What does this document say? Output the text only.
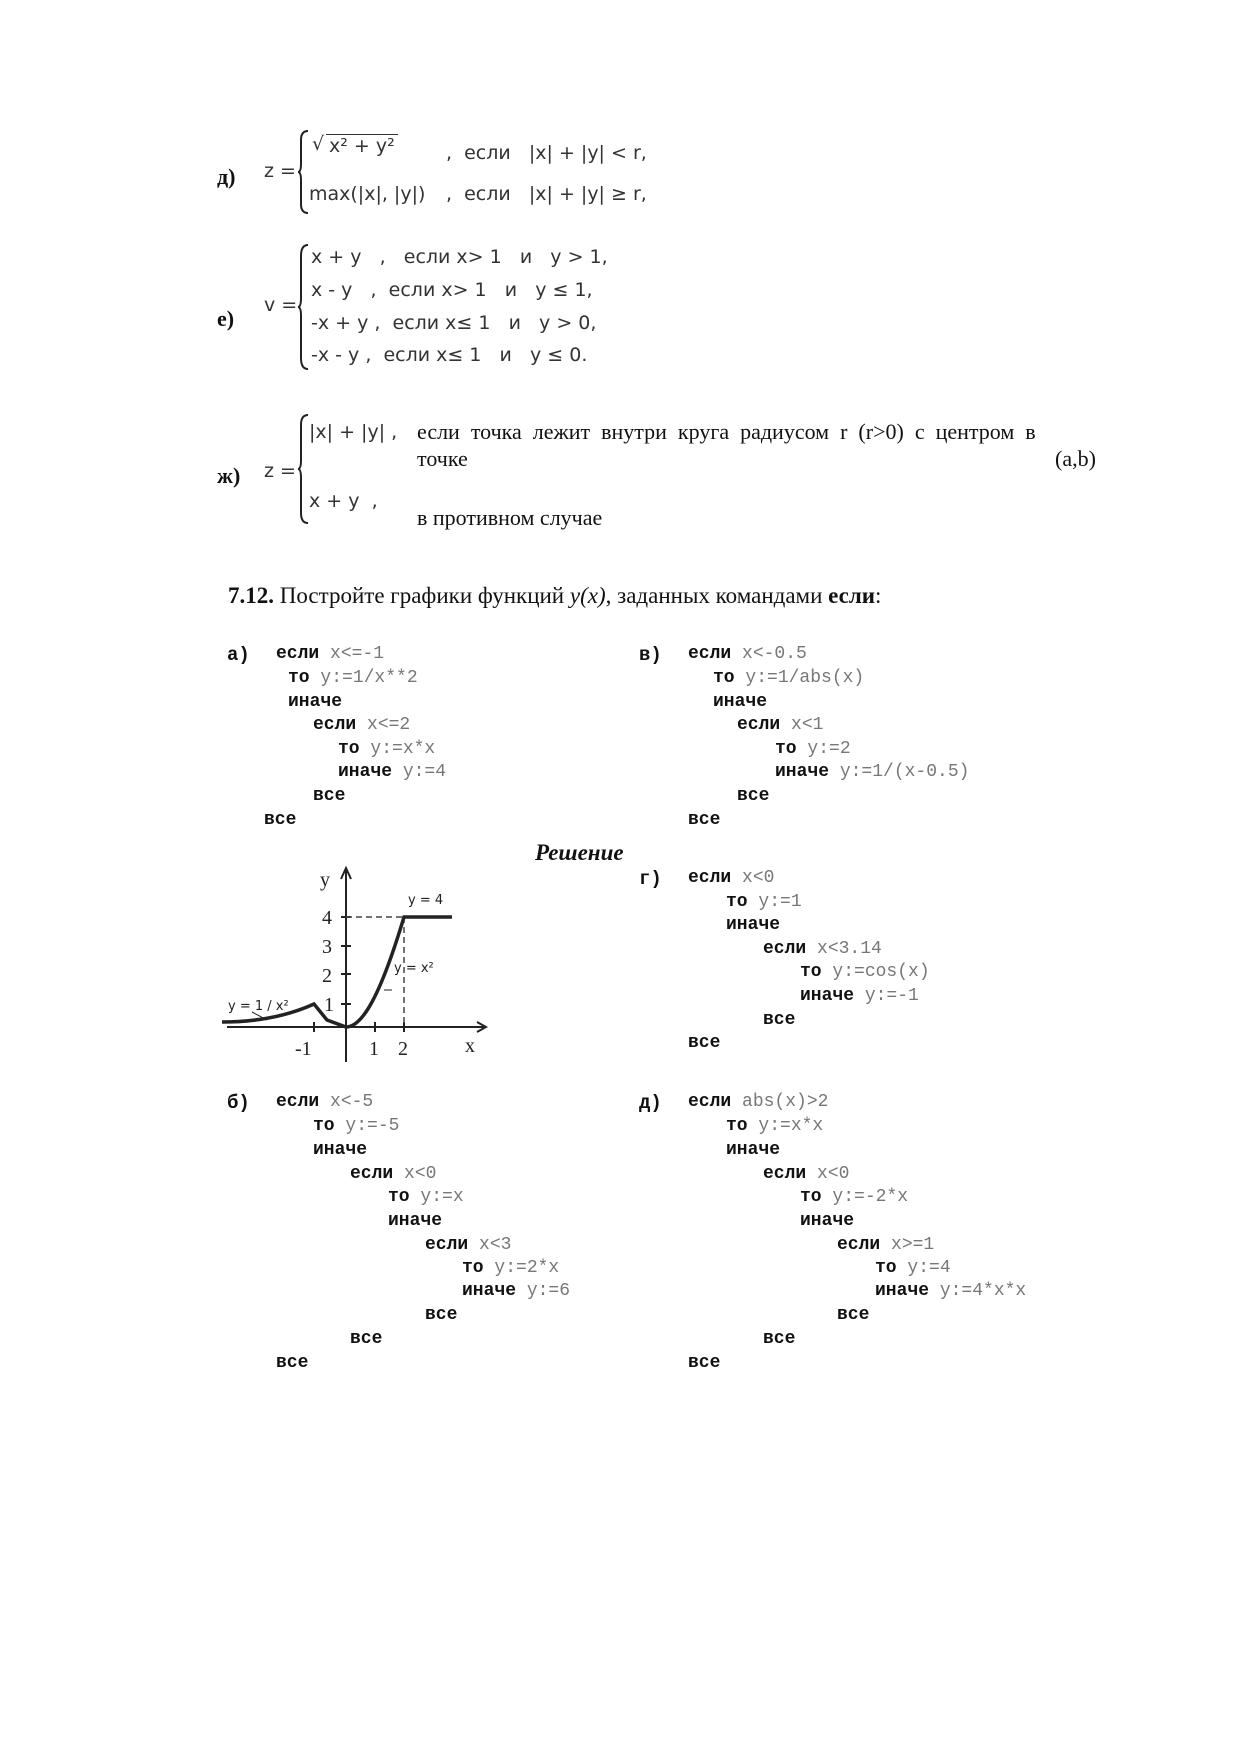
д) z =
√ x² + y²	,  если   |x| + |y| < r,
max(|x|, |y|) ,  если   |x| + |y| ≥ r,
е)
v =
x + y   ,   если x> 1   и   y > 1,
x - y   ,  если x> 1   и   y ≤ 1,
-x + y ,  если x≤ 1   и   y > 0,
-x - y ,  если x≤ 1   и   y ≤ 0.
ж) z =
|x| + |y| , если  точка  лежит  внутри  круга  радиусом  r  (r>0)  с  центром  в
точке	(a,b)
x + y  ,
в противном случае
7.12. Постройте графики функций y(x), заданных командами если:
а) если x<=-1
то y:=1/x**2
иначе
если x<=2
то y:=x*x
иначе y:=4
все
все
в) если x<-0.5
то y:=1/abs(x)
иначе
если x<1
то y:=2
иначе y:=1/(x-0.5)
все
все
Решение
г) если x<0
то y:=1
иначе
если x<3.14
то y:=cos(x)
иначе y:=-1
все
все
y
x
4
3
2
1
-1	1 2
y = 4
y = x²
y = 1 / x²
б) если x<-5
то y:=-5
иначе
если x<0
то y:=x
иначе
если x<3
то y:=2*x
иначе y:=6
все
все
все
д) если abs(x)>2
то y:=x*x
иначе
если x<0
то y:=-2*x
иначе
если x>=1
то y:=4
иначе y:=4*x*x
все
все
все
